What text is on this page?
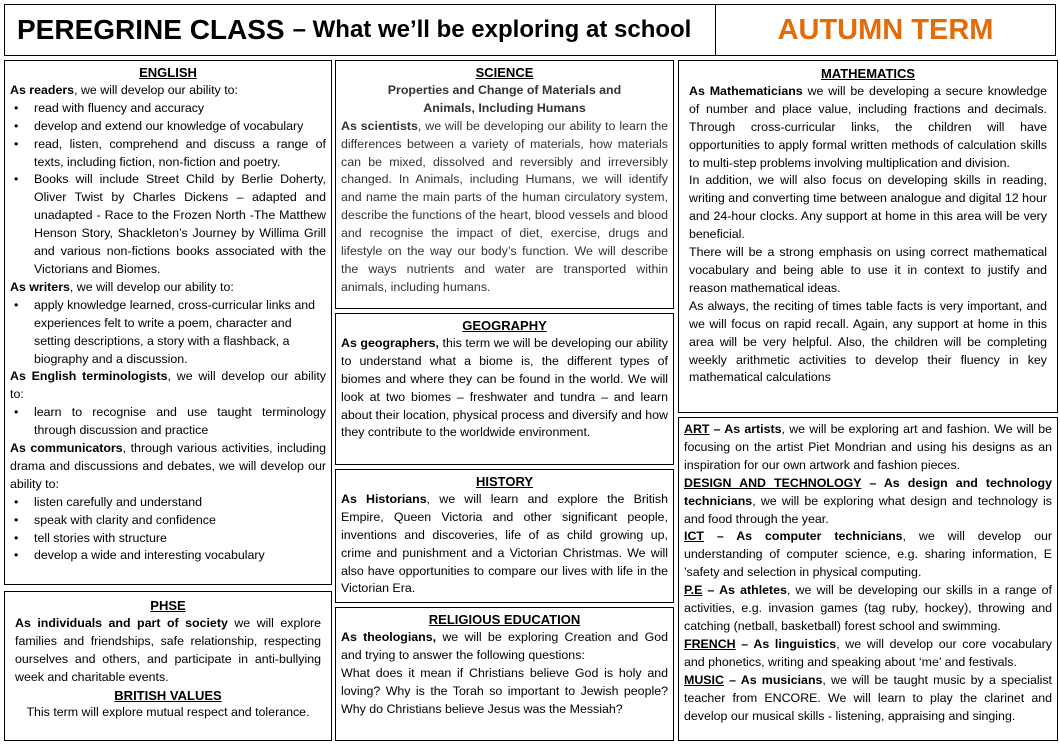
PEREGRINE CLASS – What we’ll be exploring at school	AUTUMN TERM
ENGLISH

As readers, we will develop our ability to:

• read with fluency and accuracy
• develop and extend our knowledge of vocabulary
• read, listen, comprehend and discuss a range of texts, including fiction, non-fiction and poetry.
• Books will include Street Child by Berlie Doherty, Oliver Twist by Charles Dickens – adapted and unadapted - Race to the Frozen North -The Matthew Henson Story, Shackleton’s Journey by Willima Grill and various non-fictions books associated with the Victorians and Biomes.

As writers, we will develop our ability to:

• apply knowledge learned, cross-curricular links and experiences felt to write a poem, character and setting descriptions, a story with a flashback, a biography and a discussion.

As English terminologists, we will develop our ability to:

• learn to recognise and use taught terminology through discussion and practice

As communicators, through various activities, including drama and discussions and debates, we will develop our ability to:

• listen carefully and understand
• speak with clarity and confidence
• tell stories with structure
• develop a wide and interesting vocabulary
PHSE

As individuals and part of society we will explore families and friendships, safe relationship, respecting ourselves and others, and participate in anti-bullying week and charitable events.

BRITISH VALUES

This term will explore mutual respect and tolerance.

SCIENCE
Properties and Change of Materials and Animals, Including Humans

As scientists, we will be developing our ability to learn the differences between a variety of materials, how materials can be mixed, dissolved and reversibly and irreversibly changed. In Animals, including Humans, we will identify and name the main parts of the human circulatory system, describe the functions of the heart, blood vessels and blood and recognise the impact of diet, exercise, drugs and lifestyle on the way our body’s function. We will describe the ways nutrients and water are transported within animals, including humans.

GEOGRAPHY

As geographers, this term we will be developing our ability to understand what a biome is, the different types of biomes and where they can be found in the world. We will look at two biomes – freshwater and tundra – and learn about their location, physical process and diversify and how they contribute to the worldwide environment.

HISTORY

As Historians, we will learn and explore the British Empire, Queen Victoria and other significant people, inventions and discoveries, life of as child growing up, crime and punishment and a Victorian Christmas. We will also have opportunities to compare our lives with life in the Victorian Era.

RELIGIOUS EDUCATION

As theologians, we will be exploring Creation and God and trying to answer the following questions:

What does it mean if Christians believe God is holy and loving? Why is the Torah so important to Jewish people? Why do Christians believe Jesus was the Messiah?

MATHEMATICS

As Mathematicians we will be developing a secure knowledge of number and place value, including fractions and decimals. Through cross-curricular links, the children will have opportunities to apply formal written methods of calculation skills to multi-step problems involving multiplication and division.

In addition, we will also focus on developing skills in reading, writing and converting time between analogue and digital 12 hour and 24-hour clocks. Any support at home in this area will be very beneficial.

There will be a strong emphasis on using correct mathematical vocabulary and being able to use it in context to justify and reason mathematical ideas.

As always, the reciting of times table facts is very important, and we will focus on rapid recall. Again, any support at home in this area will be very helpful. Also, the children will be completing weekly arithmetic activities to develop their fluency in key mathematical calculations

ART – As artists, we will be exploring art and fashion. We will be focusing on the artist Piet Mondrian and using his designs as an inspiration for our own artwork and fashion pieces.

DESIGN AND TECHNOLOGY – As design and technology technicians, we will be exploring what design and technology is and food through the year.

ICT – As computer technicians, we will develop our understanding of computer science, e.g. sharing information, E ’safety and selection in physical computing.

P.E – As athletes, we will be developing our skills in a range of activities, e.g. invasion games (tag ruby, hockey), throwing and catching (netball, basketball) forest school and swimming.

FRENCH – As linguistics, we will develop our core vocabulary and phonetics, writing and speaking about ‘me’ and festivals.

MUSIC – As musicians, we will be taught music by a specialist teacher from ENCORE. We will learn to play the clarinet and develop our musical skills - listening, appraising and singing.
